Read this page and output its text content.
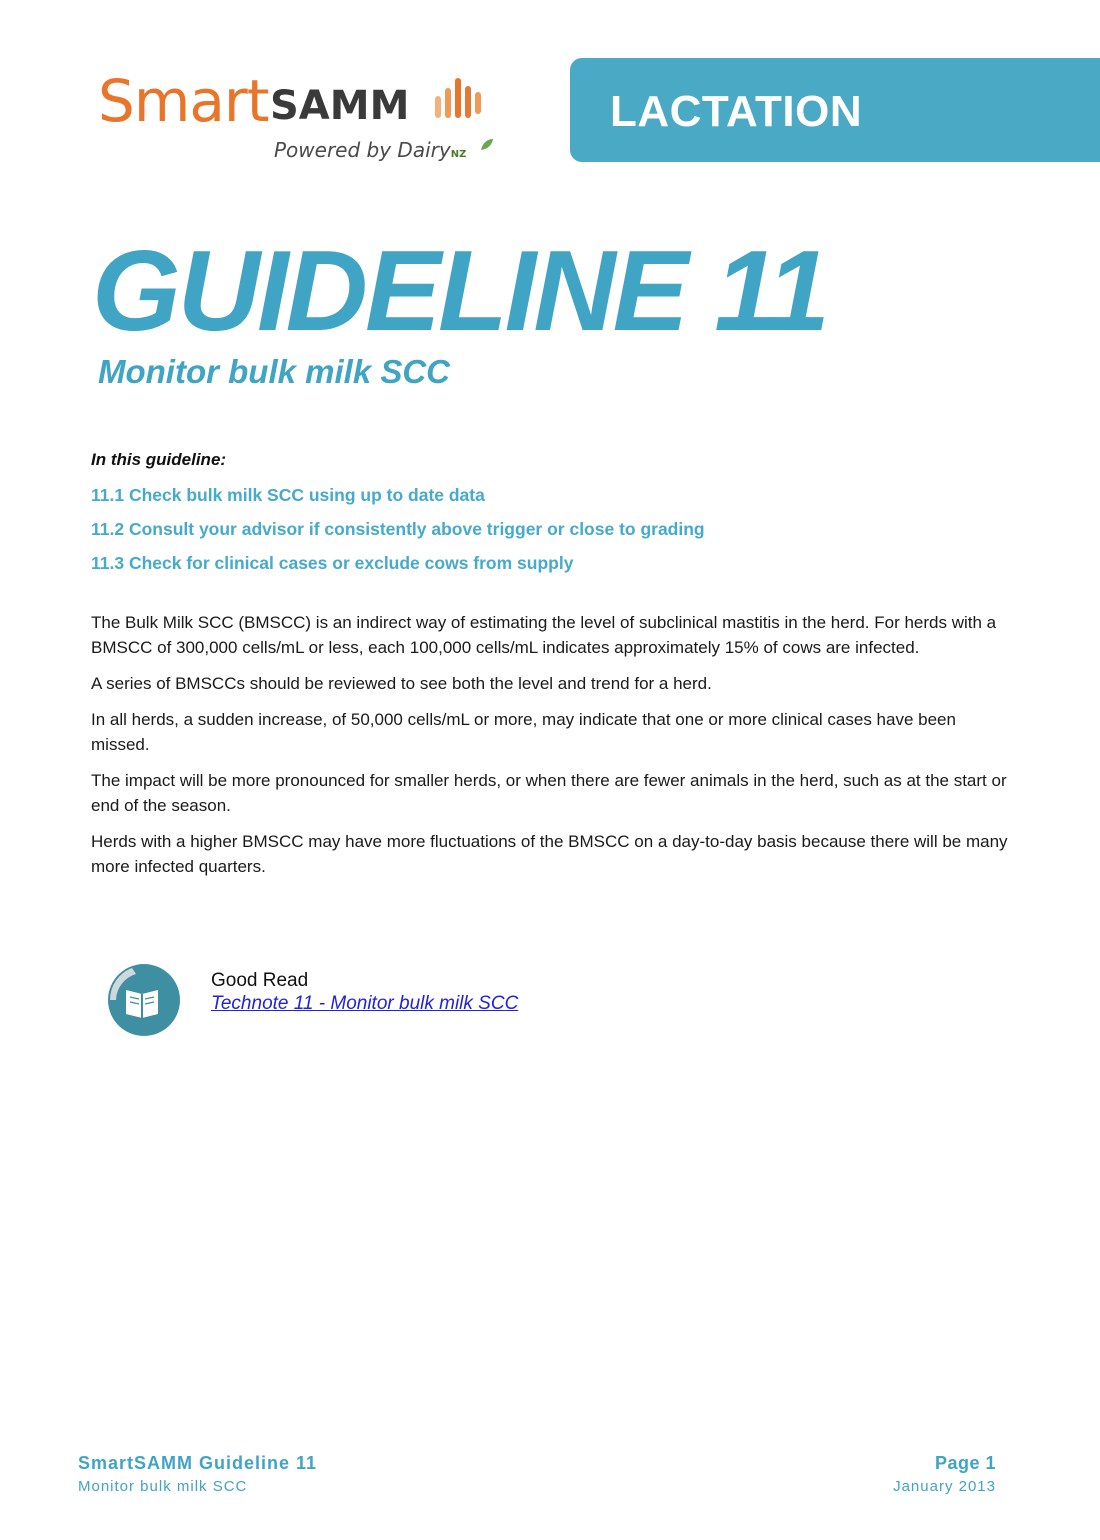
Smart SAMM
Powered by DairyNZ
LACTATION
GUIDELINE 11
Monitor bulk milk SCC
In this guideline:
11.1 Check bulk milk SCC using up to date data
11.2 Consult your advisor if consistently above trigger or close to grading
11.3 Check for clinical cases or exclude cows from supply

The Bulk Milk SCC (BMSCC) is an indirect way of estimating the level of subclinical mastitis in the herd. For herds with a BMSCC of 300,000 cells/mL or less, each 100,000 cells/mL indicates approximately 15% of cows are infected.

A series of BMSCCs should be reviewed to see both the level and trend for a herd.

In all herds, a sudden increase, of 50,000 cells/mL or more, may indicate that one or more clinical cases have been missed.

The impact will be more pronounced for smaller herds, or when there are fewer animals in the herd, such as at the start or end of the season.

Herds with a higher BMSCC may have more fluctuations of the BMSCC on a day-to-day basis because there will be many more infected quarters.

Good Read
Technote 11 - Monitor bulk milk SCC
SmartSAMM Guideline 11
Monitor bulk milk SCC
Page 1
January 2013
